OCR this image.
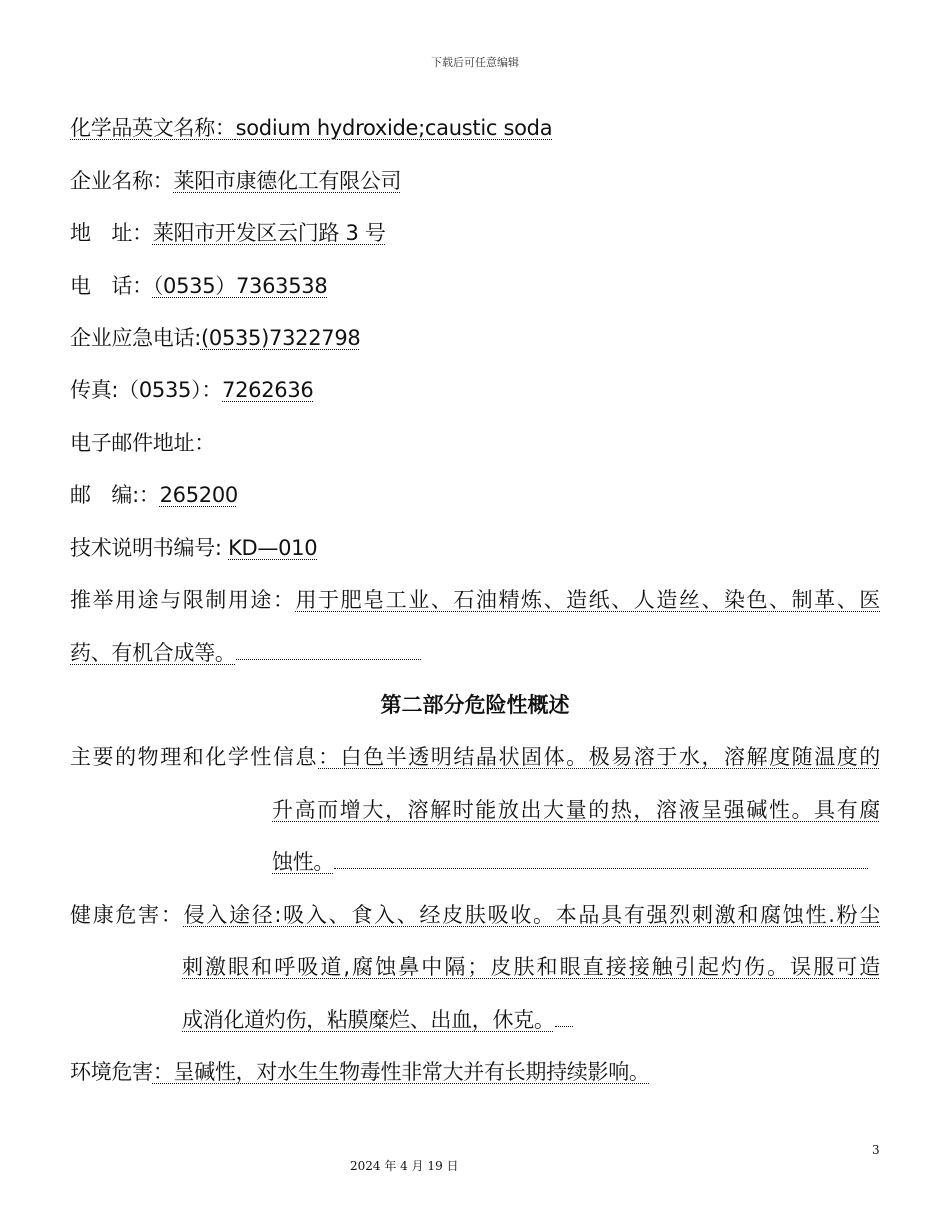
下载后可任意编辑
化学品英文名称：sodium hydroxide;caustic soda
企业名称：莱阳市康德化工有限公司
地　址：莱阳市开发区云门路 3 号
电　话：（0535）7363538
企业应急电话:(0535)7322798
传真:（0535）：7262636
电子邮件地址：
邮　编:：265200
技术说明书编号: KD—010
推举用途与限制用途：用于肥皂工业、石油精炼、造纸、人造丝、染色、制革、医
药、有机合成等。
第二部分危险性概述
主要的物理和化学性信息：白色半透明结晶状固体。极易溶于水，溶解度随温度的
升高而增大，溶解时能放出大量的热，溶液呈强碱性。具有腐
蚀性。
健康危害：侵入途径:吸入、食入、经皮肤吸收。本品具有强烈刺激和腐蚀性.粉尘
刺激眼和呼吸道,腐蚀鼻中隔；皮肤和眼直接接触引起灼伤。误服可造
成消化道灼伤，粘膜糜烂、出血，休克。
环境危害：呈碱性，对水生生物毒性非常大并有长期持续影响。
3
2024 年 4 月 19 日
